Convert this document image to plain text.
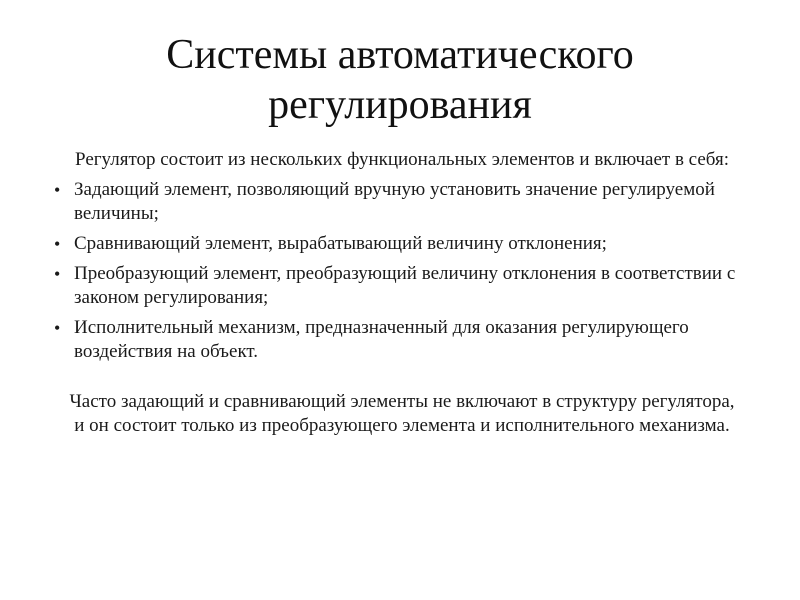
Системы автоматического регулирования

Регулятор состоит из нескольких функциональных элементов и включает в себя:

• Задающий элемент, позволяющий вручную установить значение регулируемой величины;
• Сравнивающий элемент, вырабатывающий величину отклонения;
• Преобразующий элемент, преобразующий величину отклонения в соответствии с законом регулирования;
• Исполнительный механизм, предназначенный для оказания регулирующего воздействия на объект.

Часто задающий и сравнивающий элементы не включают в структуру регулятора, и он состоит только из преобразующего элемента и исполнительного механизма.
